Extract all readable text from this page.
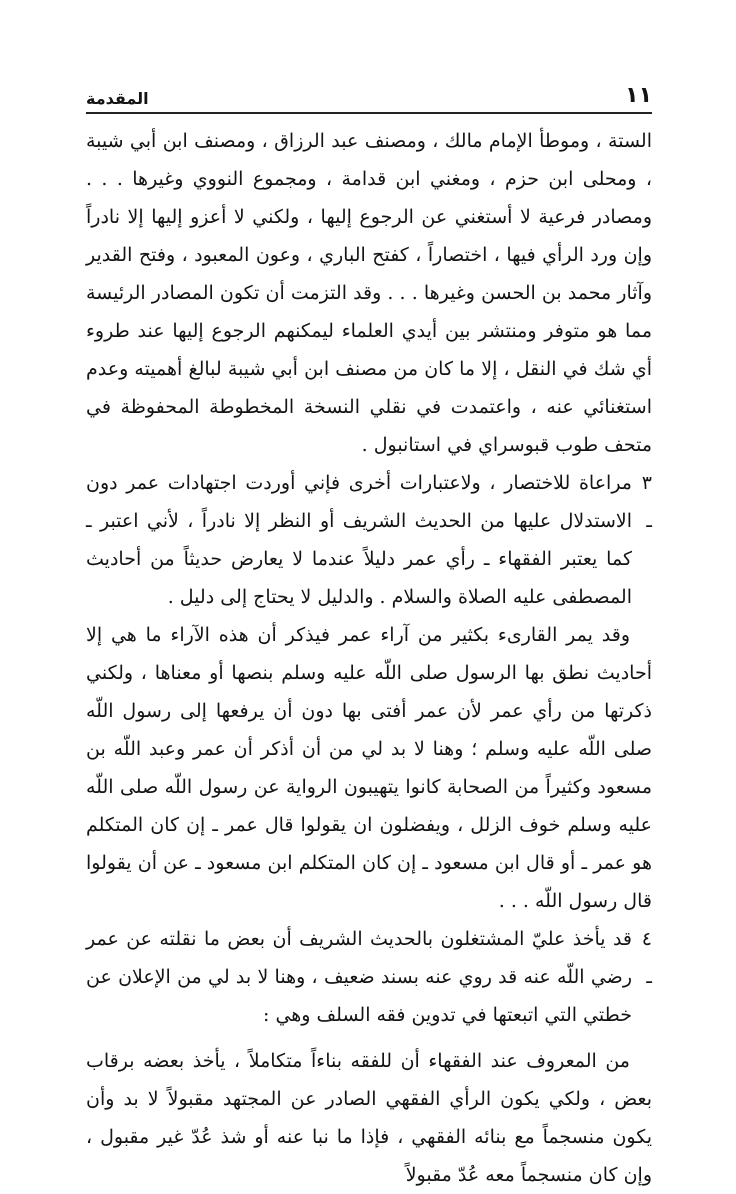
١١
المقدمة

الستة ، وموطأ الإمام مالك ، ومصنف عبد الرزاق ، ومصنف ابن أبي شيبة ، ومحلى ابن حزم ، ومغني ابن قدامة ، ومجموع النووي وغيرها . . . ومصادر فرعية لا أستغني عن الرجوع إليها ، ولكني لا أعزو إليها إلا نادراً وإن ورد الرأي فيها ، اختصاراً ، كفتح الباري ، وعون المعبود ، وفتح القدير وآثار محمد بن الحسن وغيرها . . . وقد التزمت أن تكون المصادر الرئيسة مما هو متوفر ومنتشر بين أيدي العلماء ليمكنهم الرجوع إليها عند طروء أي شك في النقل ، إلا ما كان من مصنف ابن أبي شيبة لبالغ أهميته وعدم استغنائي عنه ، واعتمدت في نقلي النسخة المخطوطة المحفوظة في متحف طوب قبوسراي في استانبول .

٣ ـ
مراعاة للاختصار ، ولاعتبارات أخرى فإني أوردت اجتهادات عمر دون الاستدلال عليها من الحديث الشريف أو النظر إلا نادراً ، لأني اعتبر ـ كما يعتبر الفقهاء ـ رأي عمر دليلاً عندما لا يعارض حديثاً من أحاديث المصطفى عليه الصلاة والسلام . والدليل لا يحتاج إلى دليل .

وقد يمر القارىء بكثير من آراء عمر فيذكر أن هذه الآراء ما هي إلا أحاديث نطق بها الرسول صلى اللّه عليه وسلم بنصها أو معناها ، ولكني ذكرتها من رأي عمر لأن عمر أفتى بها دون أن يرفعها إلى رسول اللّه صلى اللّه عليه وسلم ؛ وهنا لا بد لي من أن أذكر أن عمر وعبد اللّه بن مسعود وكثيراً من الصحابة كانوا يتهيبون الرواية عن رسول اللّه صلى اللّه عليه وسلم خوف الزلل ، ويفضلون ان يقولوا قال عمر ـ إن كان المتكلم هو عمر ـ أو قال ابن مسعود ـ إن كان المتكلم ابن مسعود ـ عن أن يقولوا قال رسول اللّه . . .

٤ ـ
قد يأخذ عليّ المشتغلون بالحديث الشريف أن بعض ما نقلته عن عمر رضي اللّه عنه قد روي عنه بسند ضعيف ، وهنا لا بد لي من الإعلان عن خطتي التي اتبعتها في تدوين فقه السلف وهي :

من المعروف عند الفقهاء أن للفقه بناءاً متكاملاً ، يأخذ بعضه برقاب بعض ، ولكي يكون الرأي الفقهي الصادر عن المجتهد مقبولاً لا بد وأن يكون منسجماً مع بنائه الفقهي ، فإذا ما نبا عنه أو شذ عُدّ غير مقبول ، وإن كان منسجماً معه عُدّ مقبولاً
